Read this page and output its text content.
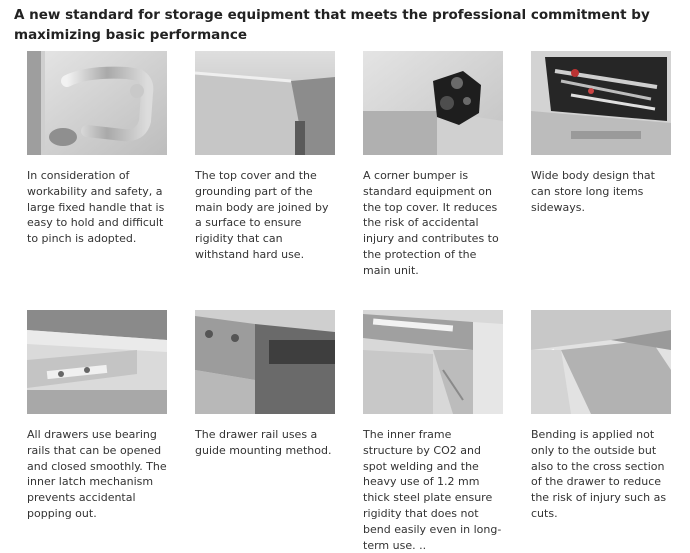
A new standard for storage equipment that meets the professional commitment by maximizing basic performance
In consideration of workability and safety, a large fixed handle that is easy to hold and difficult to pinch is adopted.
The top cover and the grounding part of the main body are joined by a surface to ensure rigidity that can withstand hard use.
A corner bumper is standard equipment on the top cover. It reduces the risk of accidental injury and contributes to the protection of the main unit.
Wide body design that can store long items sideways.
All drawers use bearing rails that can be opened and closed smoothly. The inner latch mechanism prevents accidental popping out.
The drawer rail uses a guide mounting method.
The inner frame structure by CO2 and spot welding and the heavy use of 1.2 mm thick steel plate ensure rigidity that does not bend easily even in long-term use. ..
Bending is applied not only to the outside but also to the cross section of the drawer to reduce the risk of injury such as cuts.
